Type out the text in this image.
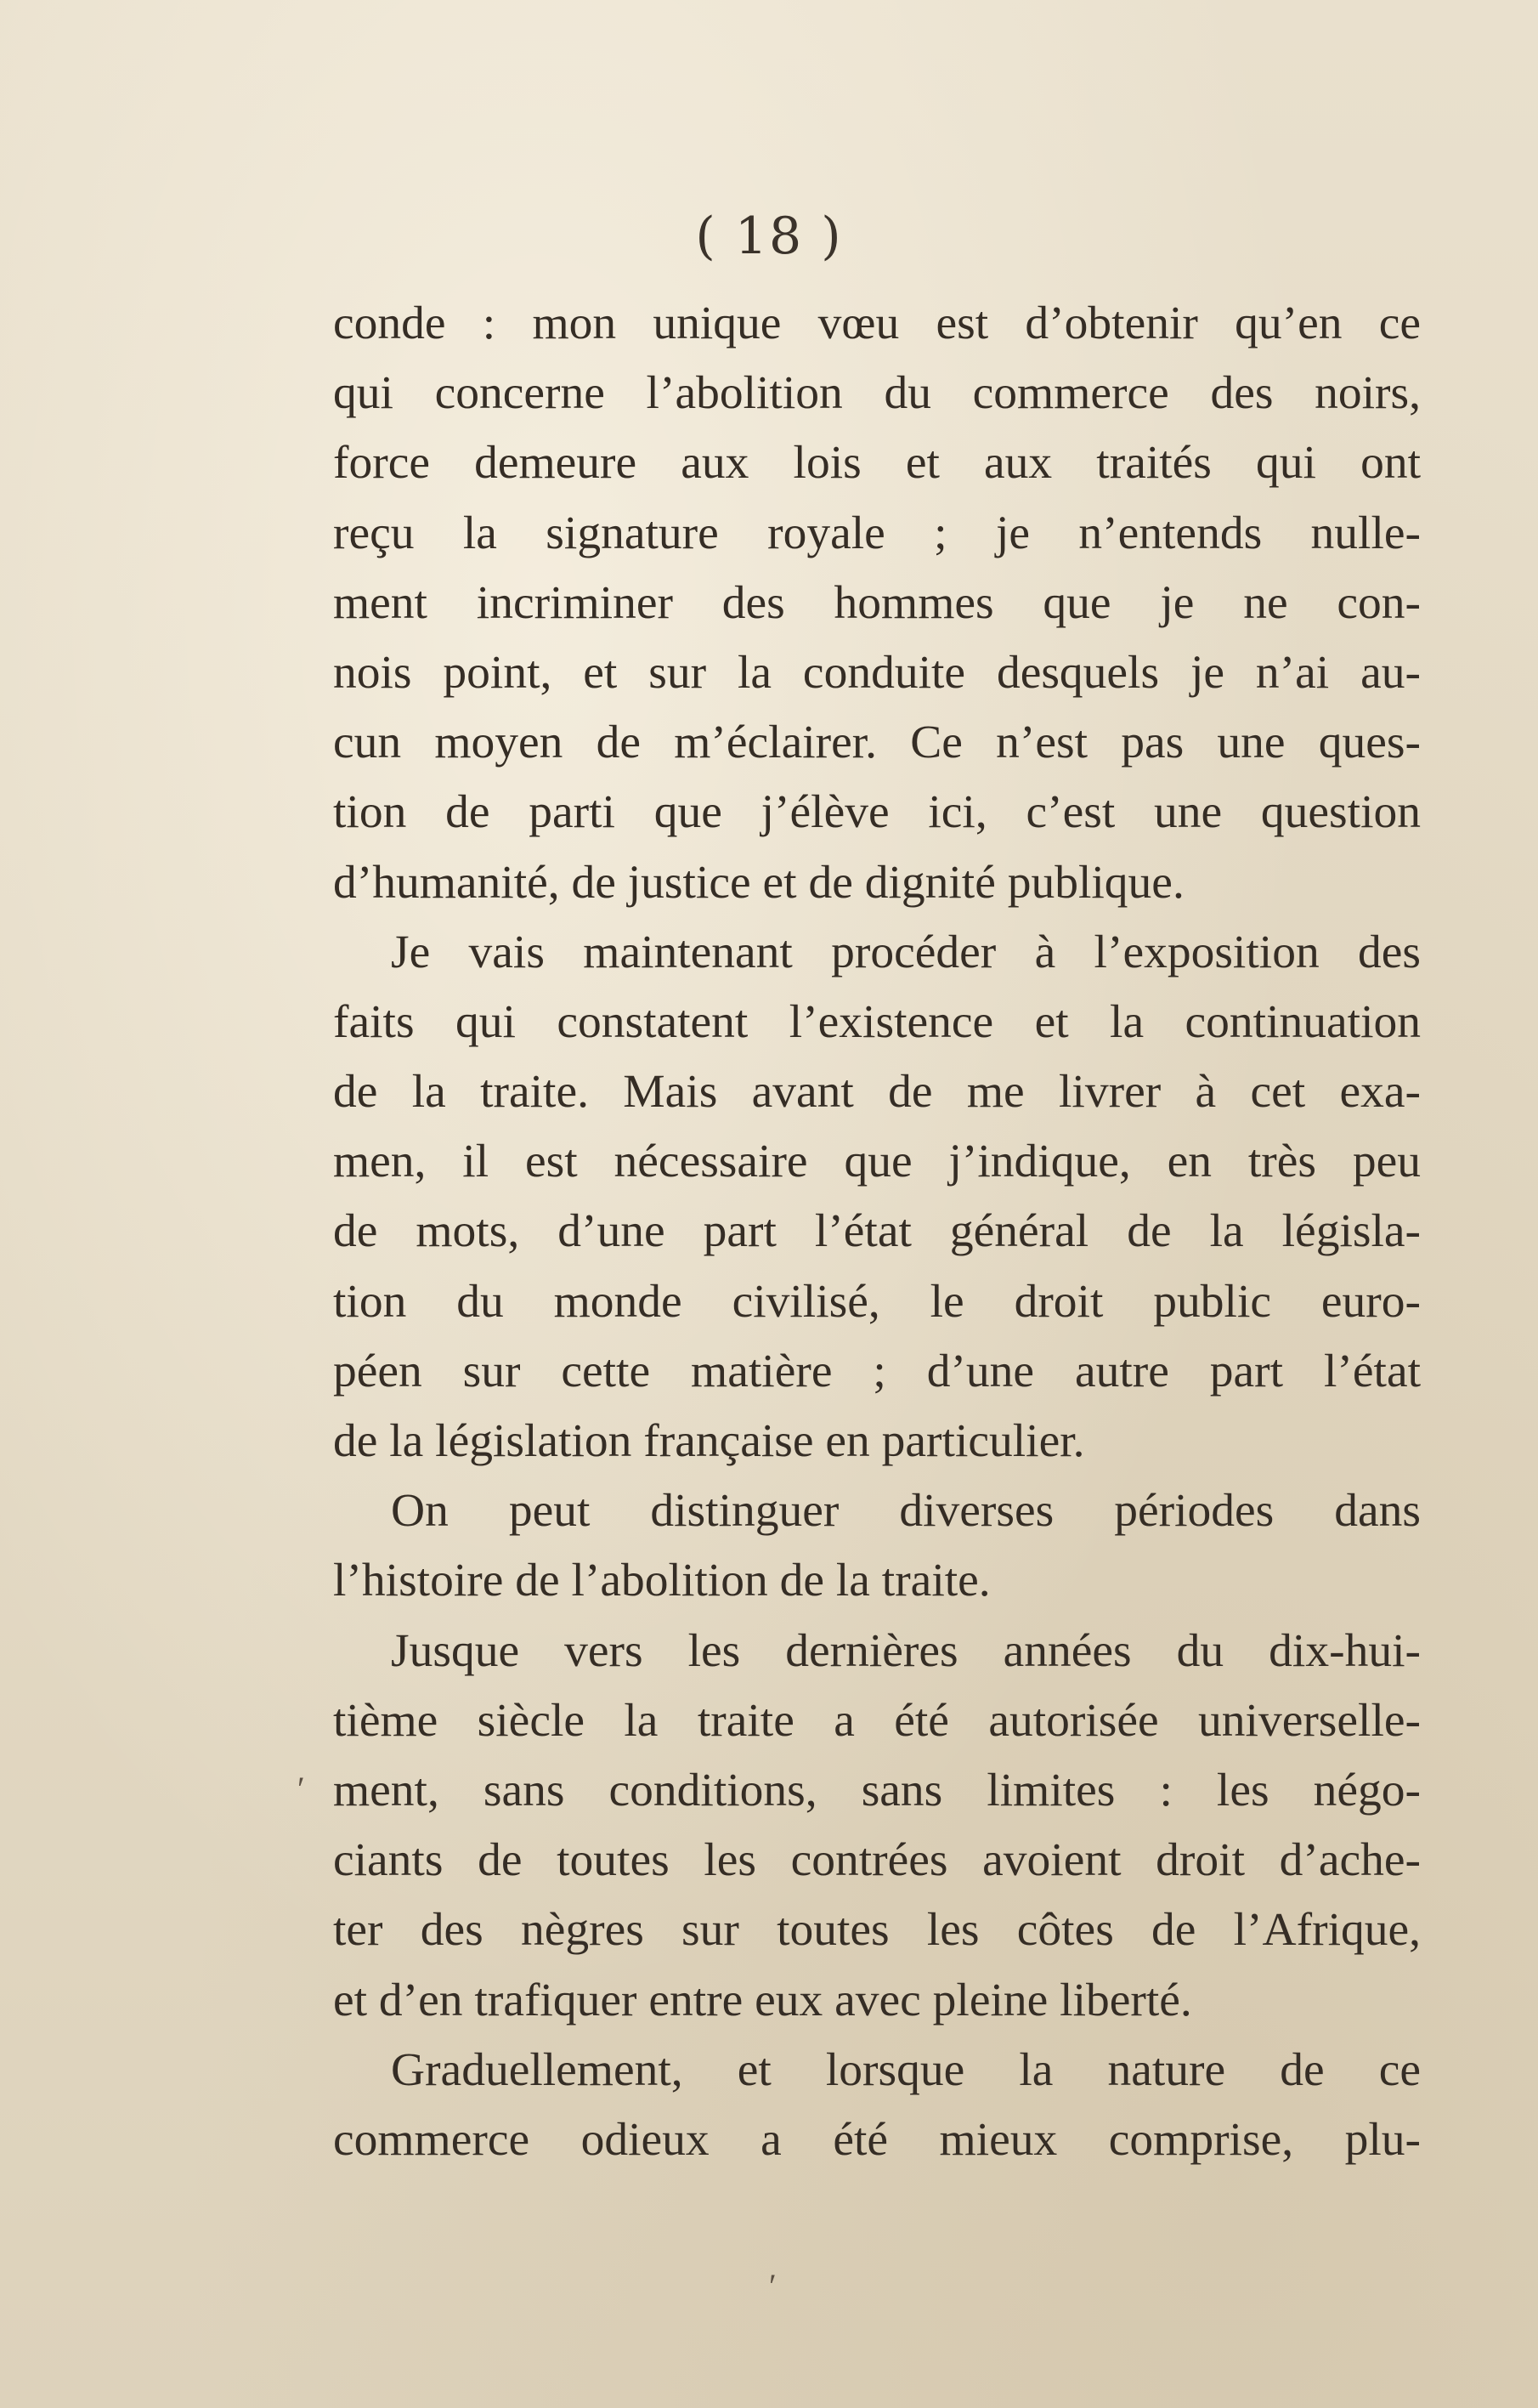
( 18 )
conde : mon unique vœu est d’obtenir qu’en ce
qui concerne l’abolition du commerce des noirs,
force demeure aux lois et aux traités qui ont
reçu la signature royale ; je n’entends nulle-
ment incriminer des hommes que je ne con-
nois point, et sur la conduite desquels je n’ai au-
cun moyen de m’éclairer. Ce n’est pas une ques-
tion de parti que j’élève ici, c’est une question
d’humanité, de justice et de dignité publique.
Je vais maintenant procéder à l’exposition des
faits qui constatent l’existence et la continuation
de la traite. Mais avant de me livrer à cet exa-
men, il est nécessaire que j’indique, en très peu
de mots, d’une part l’état général de la législa-
tion du monde civilisé, le droit public euro-
péen sur cette matière ; d’une autre part l’état
de la législation française en particulier.
On peut distinguer diverses périodes dans
l’histoire de l’abolition de la traite.
Jusque vers les dernières années du dix-hui-
tième siècle la traite a été autorisée universelle-
ment, sans conditions, sans limites : les négo-
ciants de toutes les contrées avoient droit d’ache-
ter des nègres sur toutes les côtes de l’Afrique,
et d’en trafiquer entre eux avec pleine liberté.
Graduellement, et lorsque la nature de ce
commerce odieux a été mieux comprise, plu-
ʹ
ʹ
